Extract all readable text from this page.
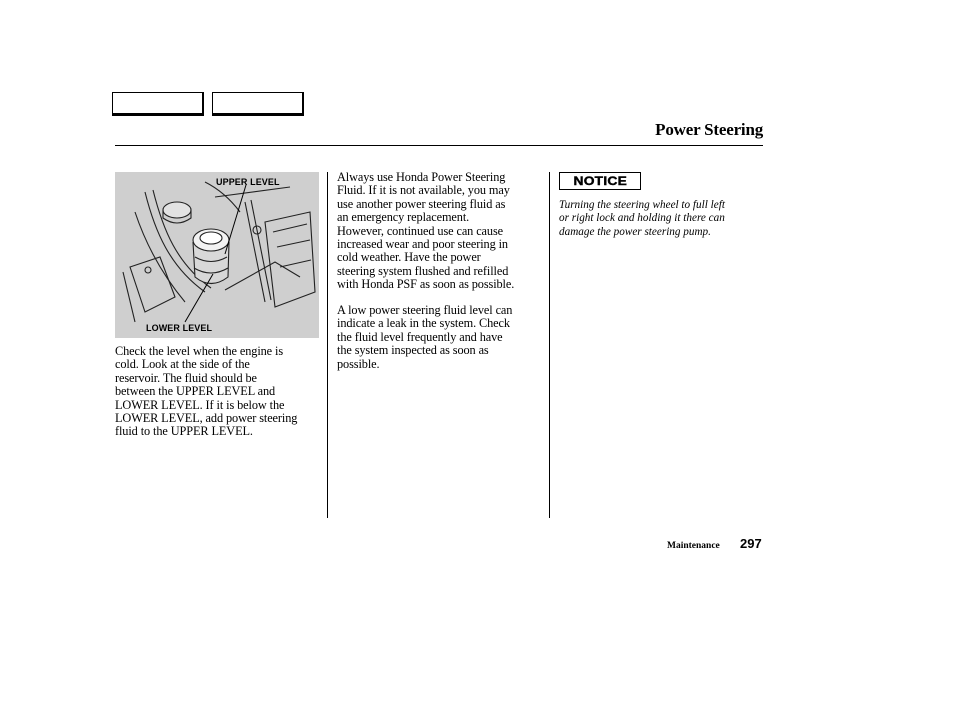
Power Steering
UPPER LEVEL
LOWER LEVEL
Check the level when the engine is
cold. Look at the side of the
reservoir. The fluid should be
between the UPPER LEVEL and
LOWER LEVEL. If it is below the
LOWER LEVEL, add power steering
fluid to the UPPER LEVEL.
Always use Honda Power Steering
Fluid. If it is not available, you may
use another power steering fluid as
an emergency replacement.
However, continued use can cause
increased wear and poor steering in
cold weather. Have the power
steering system flushed and refilled
with Honda PSF as soon as possible.
A low power steering fluid level can
indicate a leak in the system. Check
the fluid level frequently and have
the system inspected as soon as
possible.
NOTICE
Turning the steering wheel to full left
or right lock and holding it there can
damage the power steering pump.
Maintenance 297
